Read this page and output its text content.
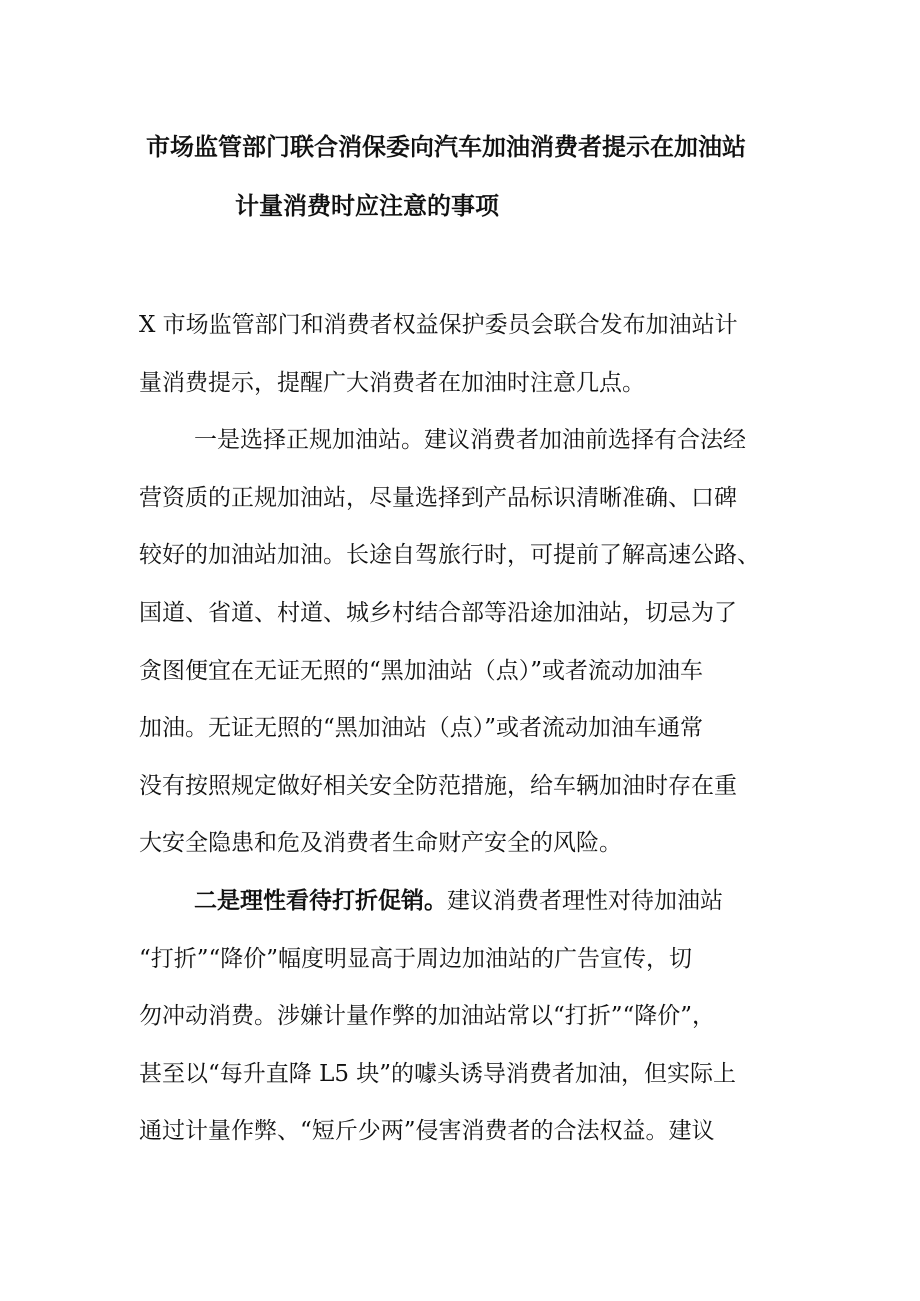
市场监管部门联合消保委向汽车加油消费者提示在加油站
计量消费时应注意的事项
X 市场监管部门和消费者权益保护委员会联合发布加油站计
量消费提示，提醒广大消费者在加油时注意几点。
一是选择正规加油站。建议消费者加油前选择有合法经
营资质的正规加油站，尽量选择到产品标识清晰准确、口碑
较好的加油站加油。长途自驾旅行时，可提前了解高速公路、
国道、省道、村道、城乡村结合部等沿途加油站，切忌为了
贪图便宜在无证无照的“黑加油站（点）”或者流动加油车
加油。无证无照的“黑加油站（点）”或者流动加油车通常
没有按照规定做好相关安全防范措施，给车辆加油时存在重
大安全隐患和危及消费者生命财产安全的风险。
二是理性看待打折促销。建议消费者理性对待加油站
“打折”“降价”幅度明显高于周边加油站的广告宣传，切
勿冲动消费。涉嫌计量作弊的加油站常以“打折”“降价”，
甚至以“每升直降 L5 块”的噱头诱导消费者加油，但实际上
通过计量作弊、“短斤少两”侵害消费者的合法权益。建议
